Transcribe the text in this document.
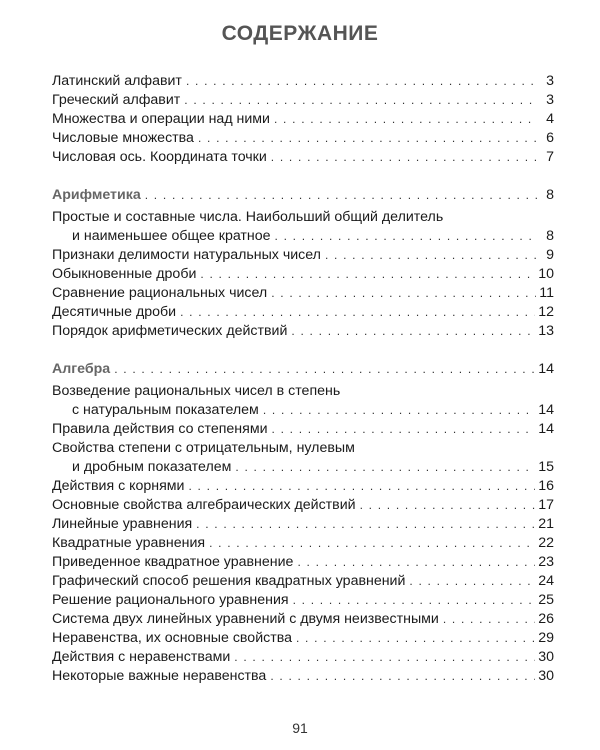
СОДЕРЖАНИЕ
Латинский алфавит . . .	3
Греческий алфавит . . .	3
Множества и операции над ними . . .	4
Числовые множества . . .	6
Числовая ось. Координата точки . . .	7
Арифметика . . .	8
Простые и составные числа. Наибольший общий делитель
и наименьшее общее кратное . . .	8
Признаки делимости натуральных чисел . . .	9
Обыкновенные дроби . . .	10
Сравнение рациональных чисел . . .	11
Десятичные дроби . . .	12
Порядок арифметических действий . . .	13
Алгебра . . .	14
Возведение рациональных чисел в степень
с натуральным показателем . . .	14
Правила действия со степенями . . .	14
Свойства степени с отрицательным, нулевым
и дробным показателем . . .	15
Действия с корнями . . .	16
Основные свойства алгебраических действий . . .	17
Линейные уравнения . . .	21
Квадратные уравнения . . .	22
Приведенное квадратное уравнение . . .	23
Графический способ решения квадратных уравнений . . .	24
Решение рационального уравнения . . .	25
Система двух линейных уравнений с двумя неизвестными . . .	26
Неравенства, их основные свойства . . .	29
Действия с неравенствами . . .	30
Некоторые важные неравенства . . .	30
91
